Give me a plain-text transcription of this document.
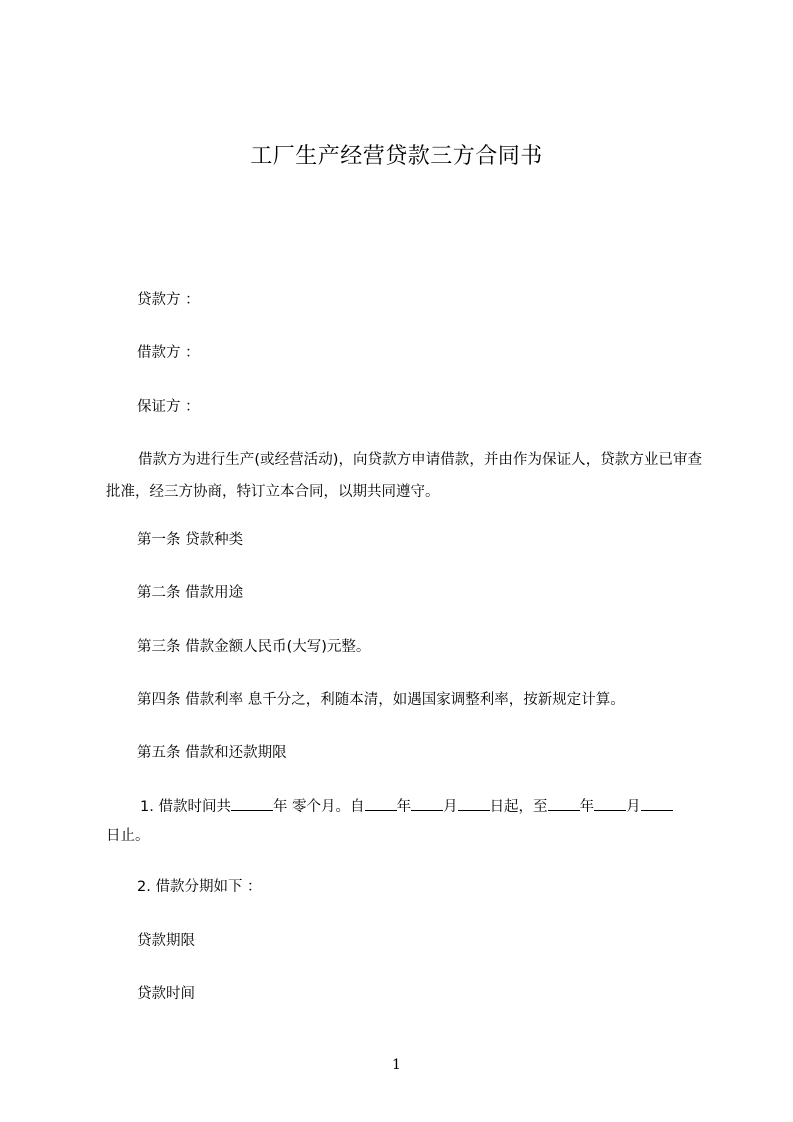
工厂生产经营贷款三方合同书
贷款方 ：
借款方 ：
保证方 ：
借款方为进行生产(或经营活动)，向贷款方申请借款，并由作为保证人，贷款方业已审查批准，经三方协商，特订立本合同，以期共同遵守。
第一条 贷款种类
第二条 借款用途
第三条 借款金额人民币(大写)元整。
第四条 借款利率 息千分之，利随本清，如遇国家调整利率，按新规定计算。
第五条 借款和还款期限
1. 借款时间共	年 零个月。自 年 月 日起，至 年 月
日止。
2. 借款分期如下 ：
贷款期限
贷款时间
1
